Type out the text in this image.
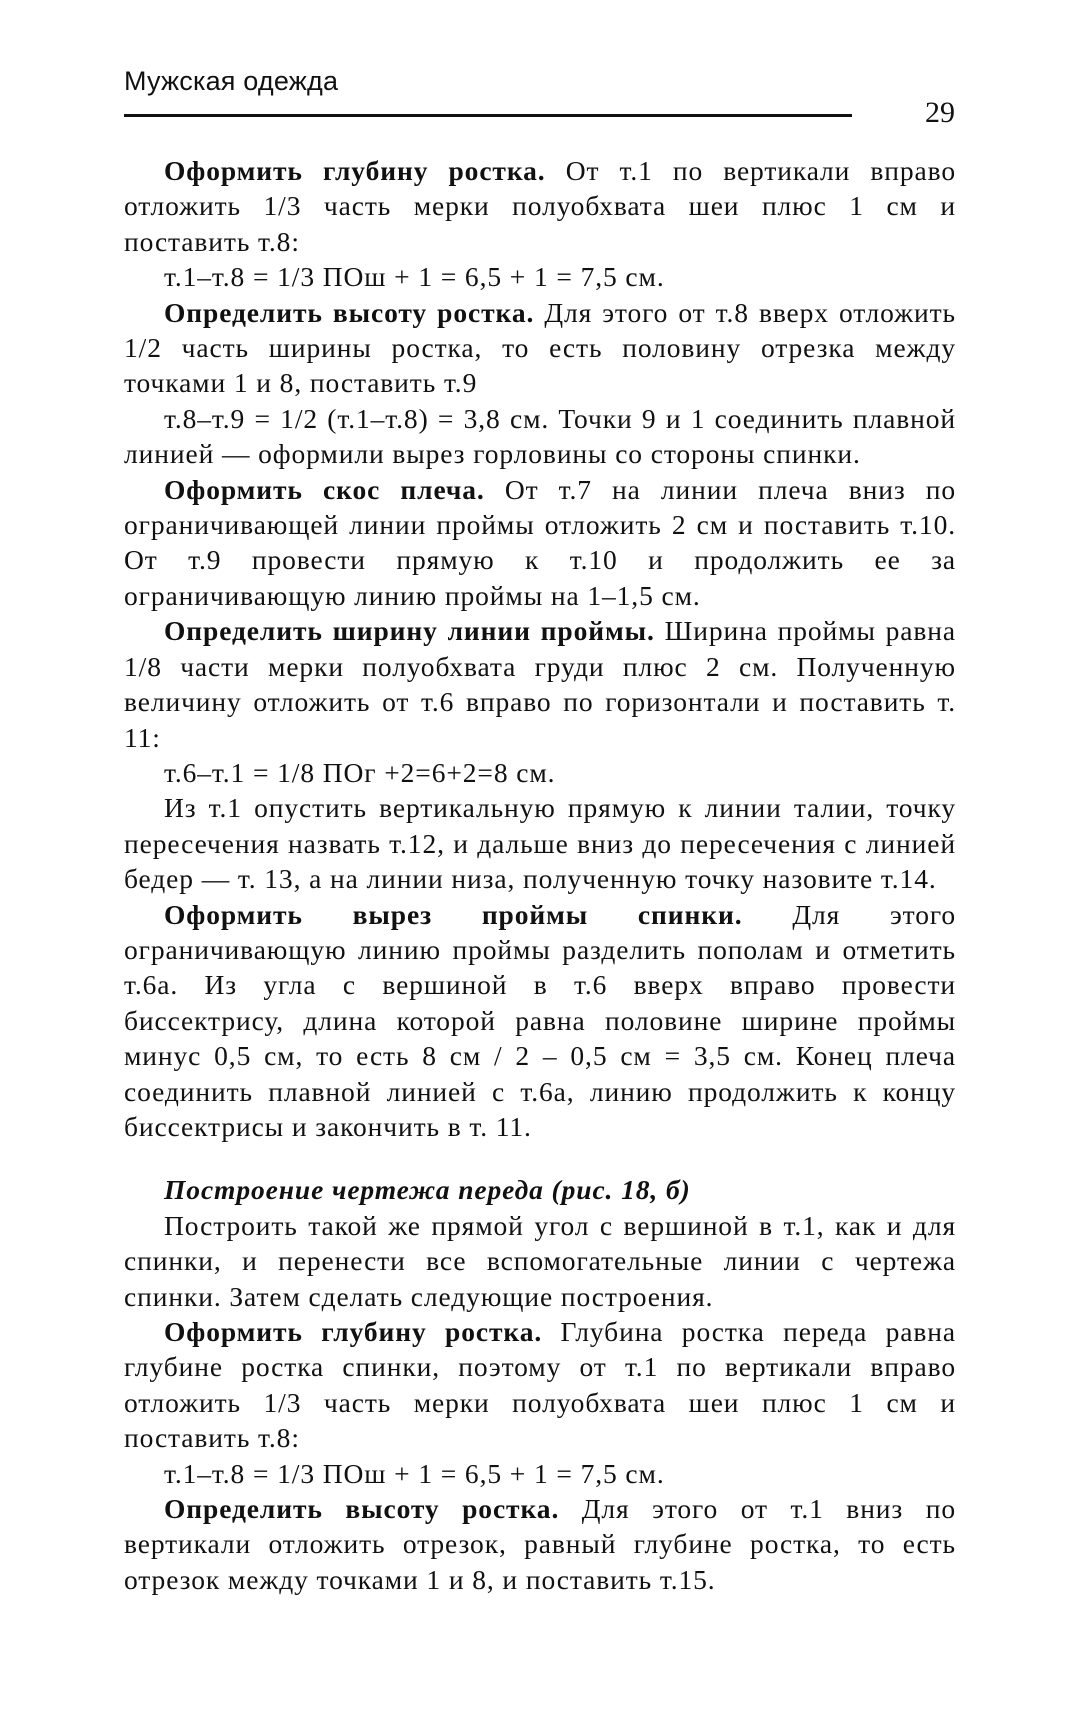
Мужская одежда
29

Оформить глубину ростка. От т.1 по вертикали вправо отложить 1/3 часть мерки полуобхвата шеи плюс 1 см и поставить т.8:

т.1–т.8 = 1/3 ПОш + 1 = 6,5 + 1 = 7,5 см.

Определить высоту ростка. Для этого от т.8 вверх отложить 1/2 часть ширины ростка, то есть половину отрезка между точками 1 и 8, поставить т.9

т.8–т.9 = 1/2 (т.1–т.8) = 3,8 см. Точки 9 и 1 соединить плавной линией — оформили вырез горловины со стороны спинки.

Оформить скос плеча. От т.7 на линии плеча вниз по ограничивающей линии проймы отложить 2 см и поставить т.10. От т.9 провести прямую к т.10 и продолжить ее за ограничивающую линию проймы на 1–1,5 см.

Определить ширину линии проймы. Ширина проймы равна 1/8 части мерки полуобхвата груди плюс 2 см. Полученную величину отложить от т.6 вправо по горизонтали и поставить т. 11:

т.6–т.1 = 1/8 ПОг +2=6+2=8 см.

Из т.1 опустить вертикальную прямую к линии талии, точку пересечения назвать т.12, и дальше вниз до пересечения с линией бедер — т. 13, а на линии низа, полученную точку назовите т.14.

Оформить вырез проймы спинки. Для этого ограничивающую линию проймы разделить пополам и отметить т.6а. Из угла с вершиной в т.6 вверх вправо провести биссектрису, длина которой равна половине ширине проймы минус 0,5 см, то есть 8 см / 2 – 0,5 см = 3,5 см. Конец плеча соединить плавной линией с т.6а, линию продолжить к концу биссектрисы и закончить в т. 11.

Построение чертежа переда (рис. 18, б)

Построить такой же прямой угол с вершиной в т.1, как и для спинки, и перенести все вспомогательные линии с чертежа спинки. Затем сделать следующие построения.

Оформить глубину ростка. Глубина ростка переда равна глубине ростка спинки, поэтому от т.1 по вертикали вправо отложить 1/3 часть мерки полуобхвата шеи плюс 1 см и поставить т.8:

т.1–т.8 = 1/3 ПОш + 1 = 6,5 + 1 = 7,5 см.

Определить высоту ростка. Для этого от т.1 вниз по вертикали отложить отрезок, равный глубине ростка, то есть отрезок между точками 1 и 8, и поставить т.15.
